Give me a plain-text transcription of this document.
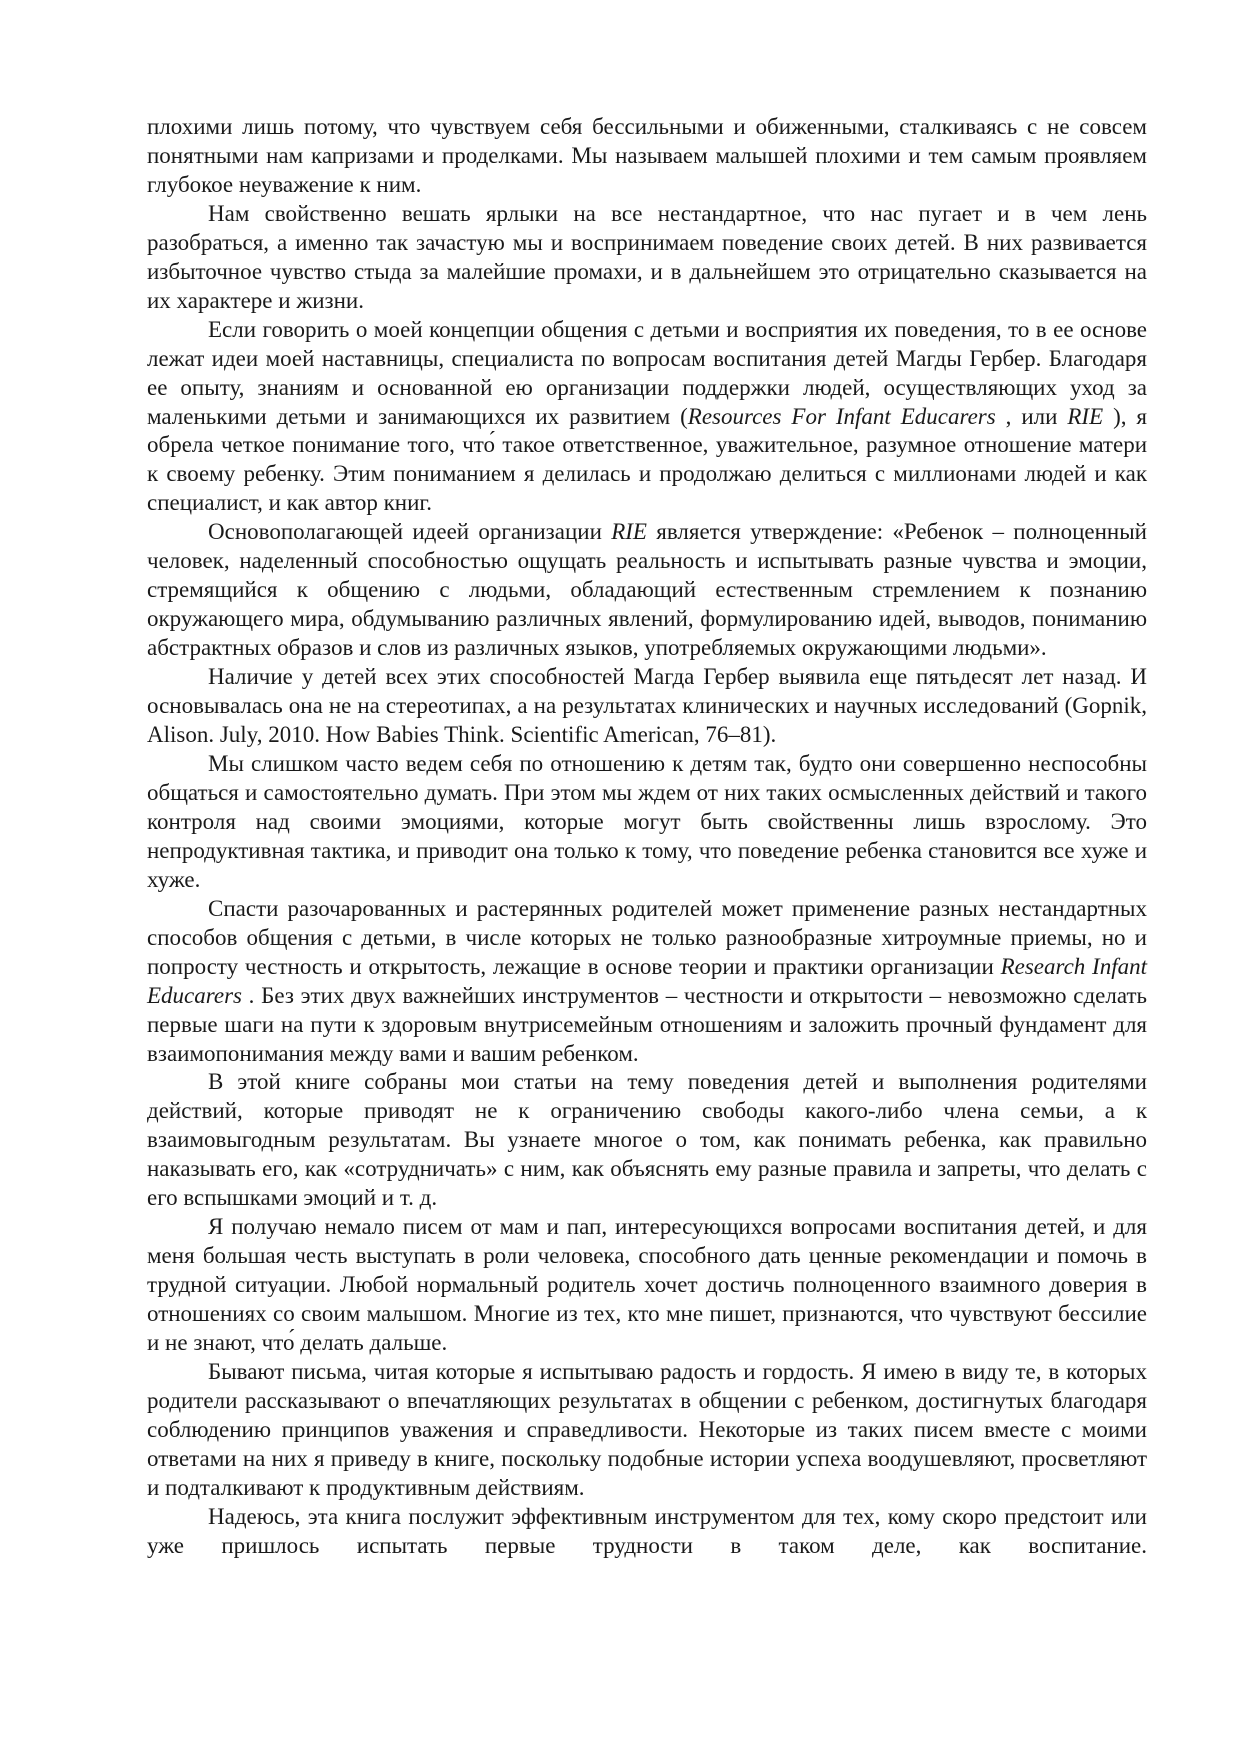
плохими лишь потому, что чувствуем себя бессильными и обиженными, сталкиваясь с не совсем понятными нам капризами и проделками. Мы называем малышей плохими и тем самым проявляем глубокое неуважение к ним.

Нам свойственно вешать ярлыки на все нестандартное, что нас пугает и в чем лень разобраться, а именно так зачастую мы и воспринимаем поведение своих детей. В них развивается избыточное чувство стыда за малейшие промахи, и в дальнейшем это отрицательно сказывается на их характере и жизни.

Если говорить о моей концепции общения с детьми и восприятия их поведения, то в ее основе лежат идеи моей наставницы, специалиста по вопросам воспитания детей Магды Гербер. Благодаря ее опыту, знаниям и основанной ею организации поддержки людей, осуществляющих уход за маленькими детьми и занимающихся их развитием (Resources For Infant Educarers , или RIE ), я обрела четкое понимание того, что́ такое ответственное, уважительное, разумное отношение матери к своему ребенку. Этим пониманием я делилась и продолжаю делиться с миллионами людей и как специалист, и как автор книг.

Основополагающей идеей организации RIE является утверждение: «Ребенок – полноценный человек, наделенный способностью ощущать реальность и испытывать разные чувства и эмоции, стремящийся к общению с людьми, обладающий естественным стремлением к познанию окружающего мира, обдумыванию различных явлений, формулированию идей, выводов, пониманию абстрактных образов и слов из различных языков, употребляемых окружающими людьми».

Наличие у детей всех этих способностей Магда Гербер выявила еще пятьдесят лет назад. И основывалась она не на стереотипах, а на результатах клинических и научных исследований (Gopnik, Alison. July, 2010. How Babies Think. Scientific American, 76–81).

Мы слишком часто ведем себя по отношению к детям так, будто они совершенно неспособны общаться и самостоятельно думать. При этом мы ждем от них таких осмысленных действий и такого контроля над своими эмоциями, которые могут быть свойственны лишь взрослому. Это непродуктивная тактика, и приводит она только к тому, что поведение ребенка становится все хуже и хуже.

Спасти разочарованных и растерянных родителей может применение разных нестандартных способов общения с детьми, в числе которых не только разнообразные хитроумные приемы, но и попросту честность и открытость, лежащие в основе теории и практики организации Research Infant Educarers . Без этих двух важнейших инструментов – честности и открытости – невозможно сделать первые шаги на пути к здоровым внутрисемейным отношениям и заложить прочный фундамент для взаимопонимания между вами и вашим ребенком.

В этой книге собраны мои статьи на тему поведения детей и выполнения родителями действий, которые приводят не к ограничению свободы какого-либо члена семьи, а к взаимовыгодным результатам. Вы узнаете многое о том, как понимать ребенка, как правильно наказывать его, как «сотрудничать» с ним, как объяснять ему разные правила и запреты, что делать с его вспышками эмоций и т. д.

Я получаю немало писем от мам и пап, интересующихся вопросами воспитания детей, и для меня большая честь выступать в роли человека, способного дать ценные рекомендации и помочь в трудной ситуации. Любой нормальный родитель хочет достичь полноценного взаимного доверия в отношениях со своим малышом. Многие из тех, кто мне пишет, признаются, что чувствуют бессилие и не знают, что́ делать дальше.

Бывают письма, читая которые я испытываю радость и гордость. Я имею в виду те, в которых родители рассказывают о впечатляющих результатах в общении с ребенком, достигнутых благодаря соблюдению принципов уважения и справедливости. Некоторые из таких писем вместе с моими ответами на них я приведу в книге, поскольку подобные истории успеха воодушевляют, просветляют и подталкивают к продуктивным действиям.

Надеюсь, эта книга послужит эффективным инструментом для тех, кому скоро предстоит или уже пришлось испытать первые трудности в таком деле, как воспитание.
